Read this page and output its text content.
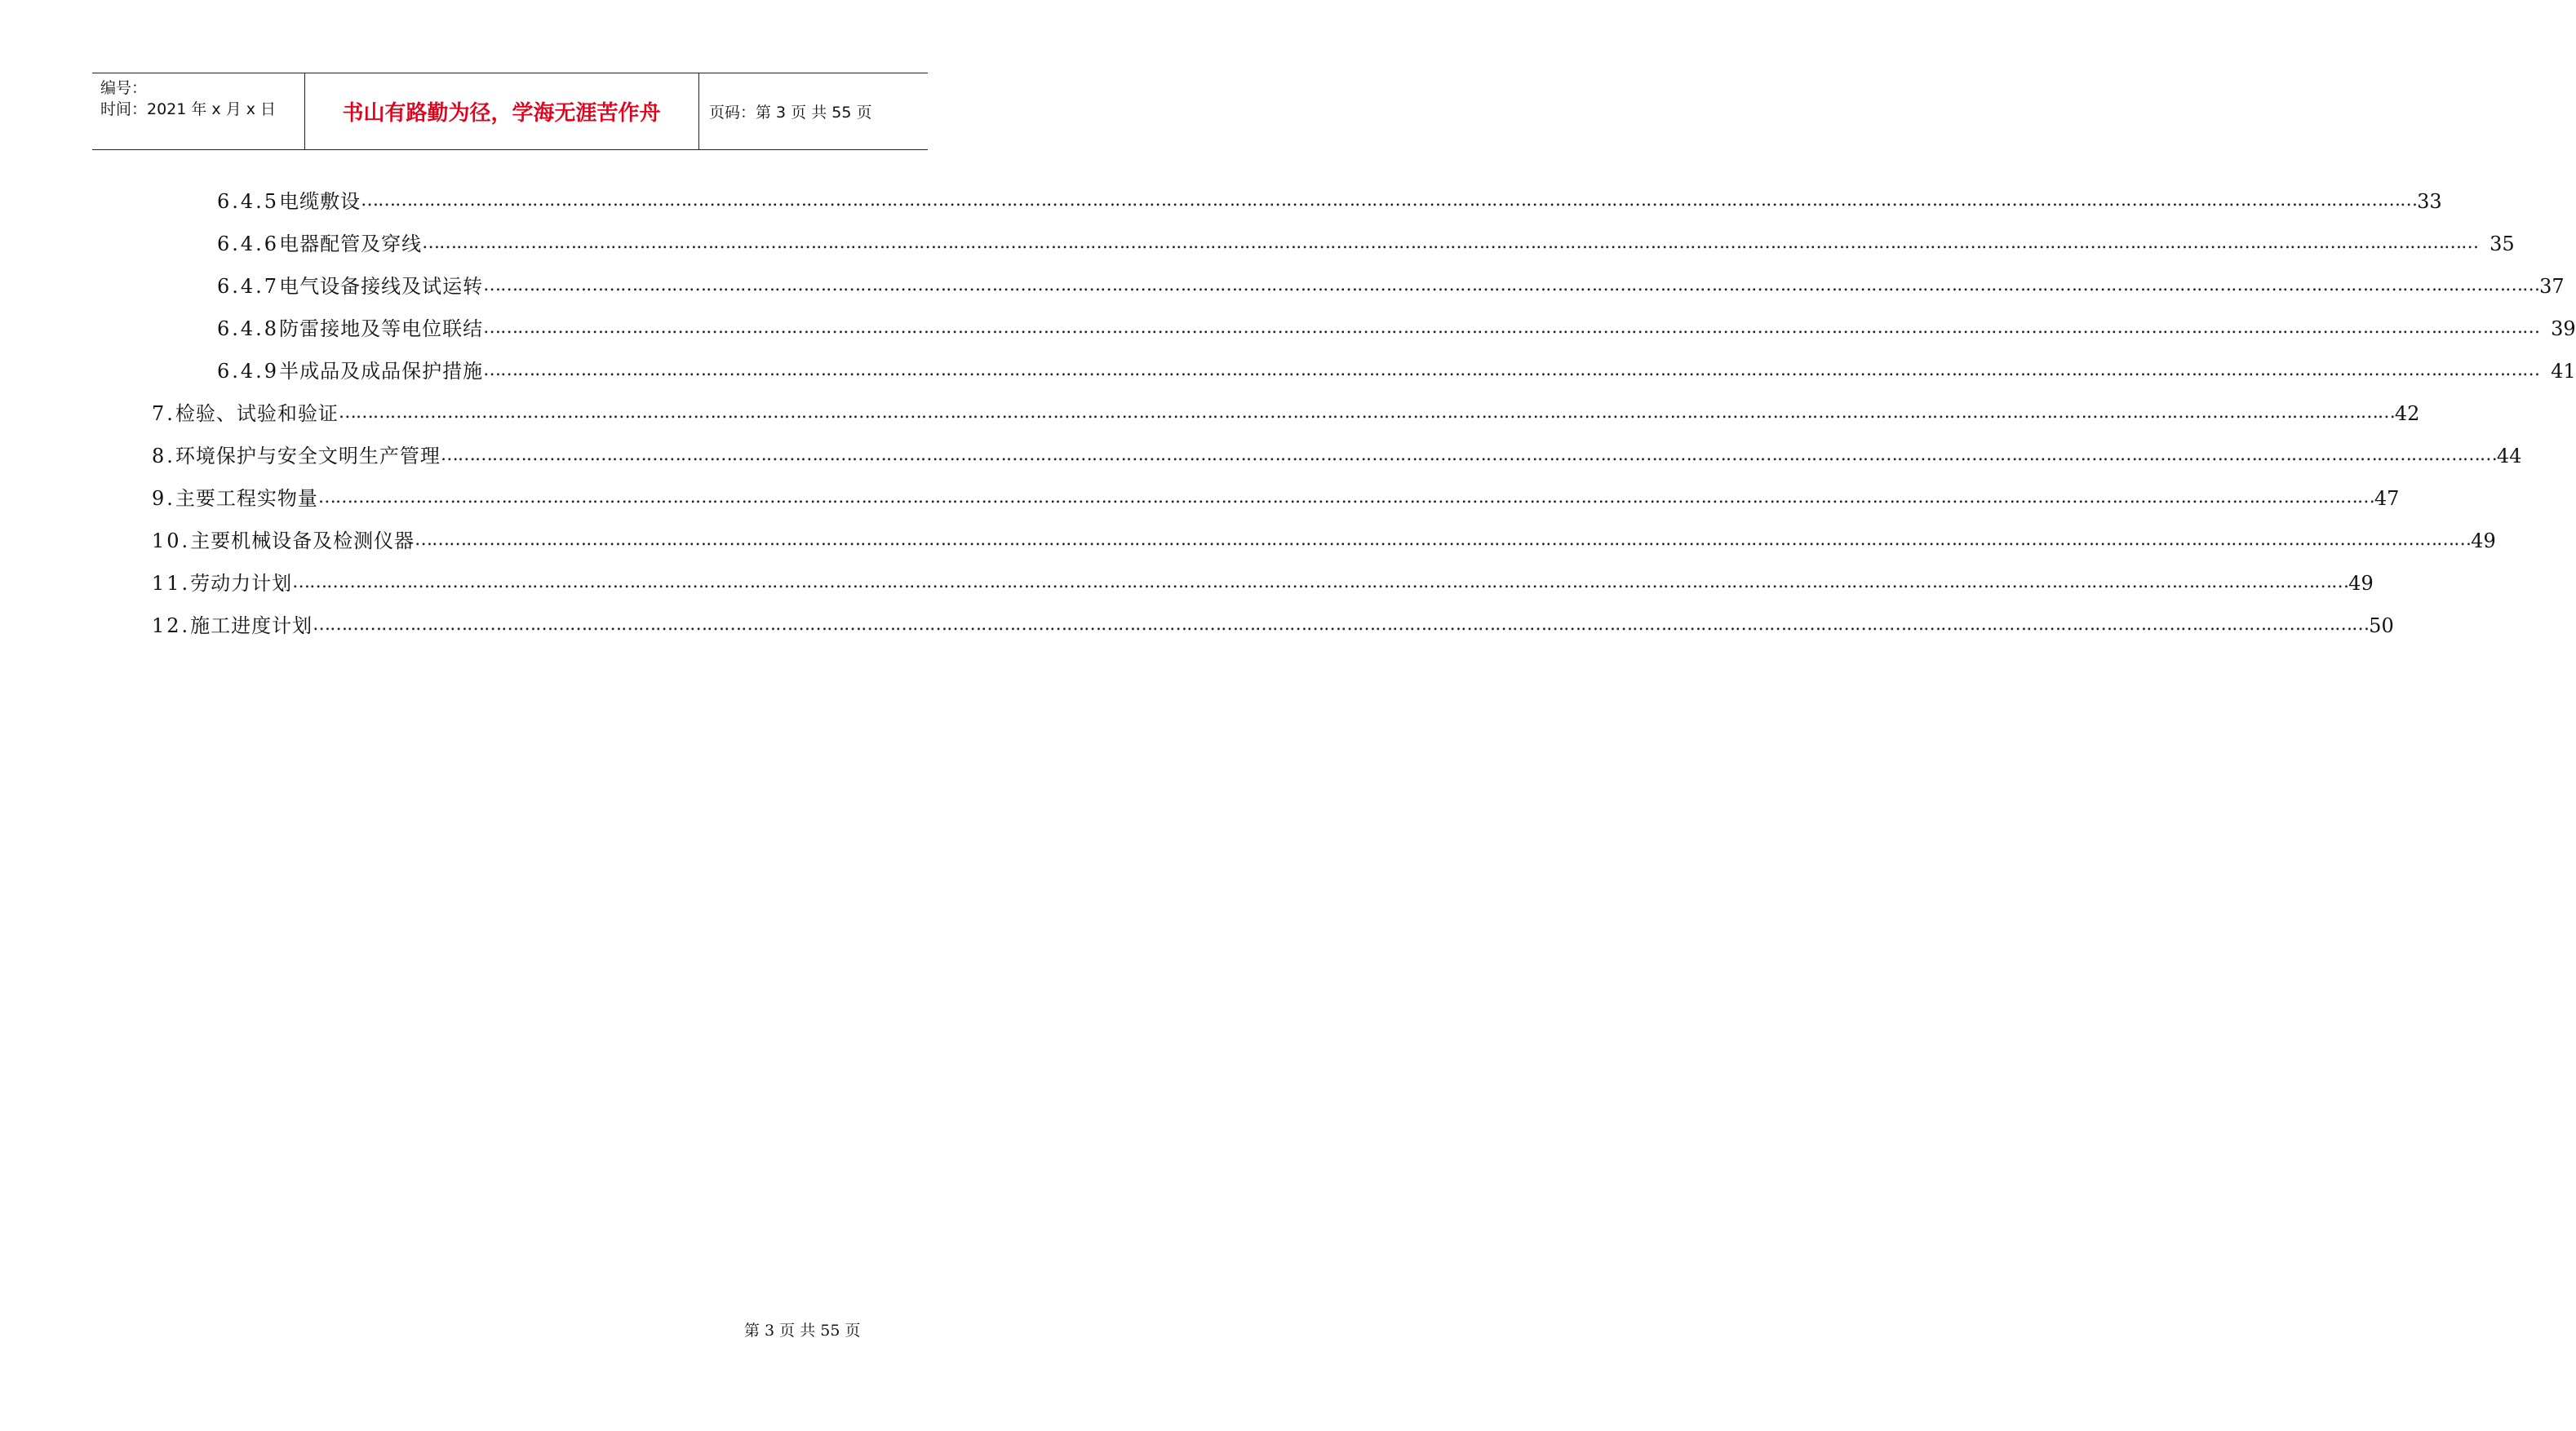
编号：
时间：2021 年 x 月 x 日	书山有路勤为径，学海无涯苦作舟	页码：第 3 页 共 55 页
6.4.5 电缆敷设 ……………………………………………………………………………………………………………………………………………………………………………………………………………………………………………………………………………………………………………………………… 33
6.4.6 电器配管及穿线 ……………………………………………………………………………………………………………………………………………………………………………………………………………………………………………………………………………………………………………………………… 35
6.4.7 电气设备接线及试运转 ……………………………………………………………………………………………………………………………………………………………………………………………………………………………………………………………………………………………………………………………… 37
6.4.8 防雷接地及等电位联结 ……………………………………………………………………………………………………………………………………………………………………………………………………………………………………………………………………………………………………………………………… 39
6.4.9 半成品及成品保护措施 ……………………………………………………………………………………………………………………………………………………………………………………………………………………………………………………………………………………………………………………………… 41
7. 检验、试验和验证 ……………………………………………………………………………………………………………………………………………………………………………………………………………………………………………………………………………………………………………………………… 42
8. 环境保护与安全文明生产管理 ……………………………………………………………………………………………………………………………………………………………………………………………………………………………………………………………………………………………………………………………… 44
9. 主要工程实物量 ……………………………………………………………………………………………………………………………………………………………………………………………………………………………………………………………………………………………………………………………… 47
10. 主要机械设备及检测仪器 ……………………………………………………………………………………………………………………………………………………………………………………………………………………………………………………………………………………………………………………………… 49
11. 劳动力计划 ……………………………………………………………………………………………………………………………………………………………………………………………………………………………………………………………………………………………………………………………… 49
12. 施工进度计划 ……………………………………………………………………………………………………………………………………………………………………………………………………………………………………………………………………………………………………………………………… 50
第 3 页 共 55 页
